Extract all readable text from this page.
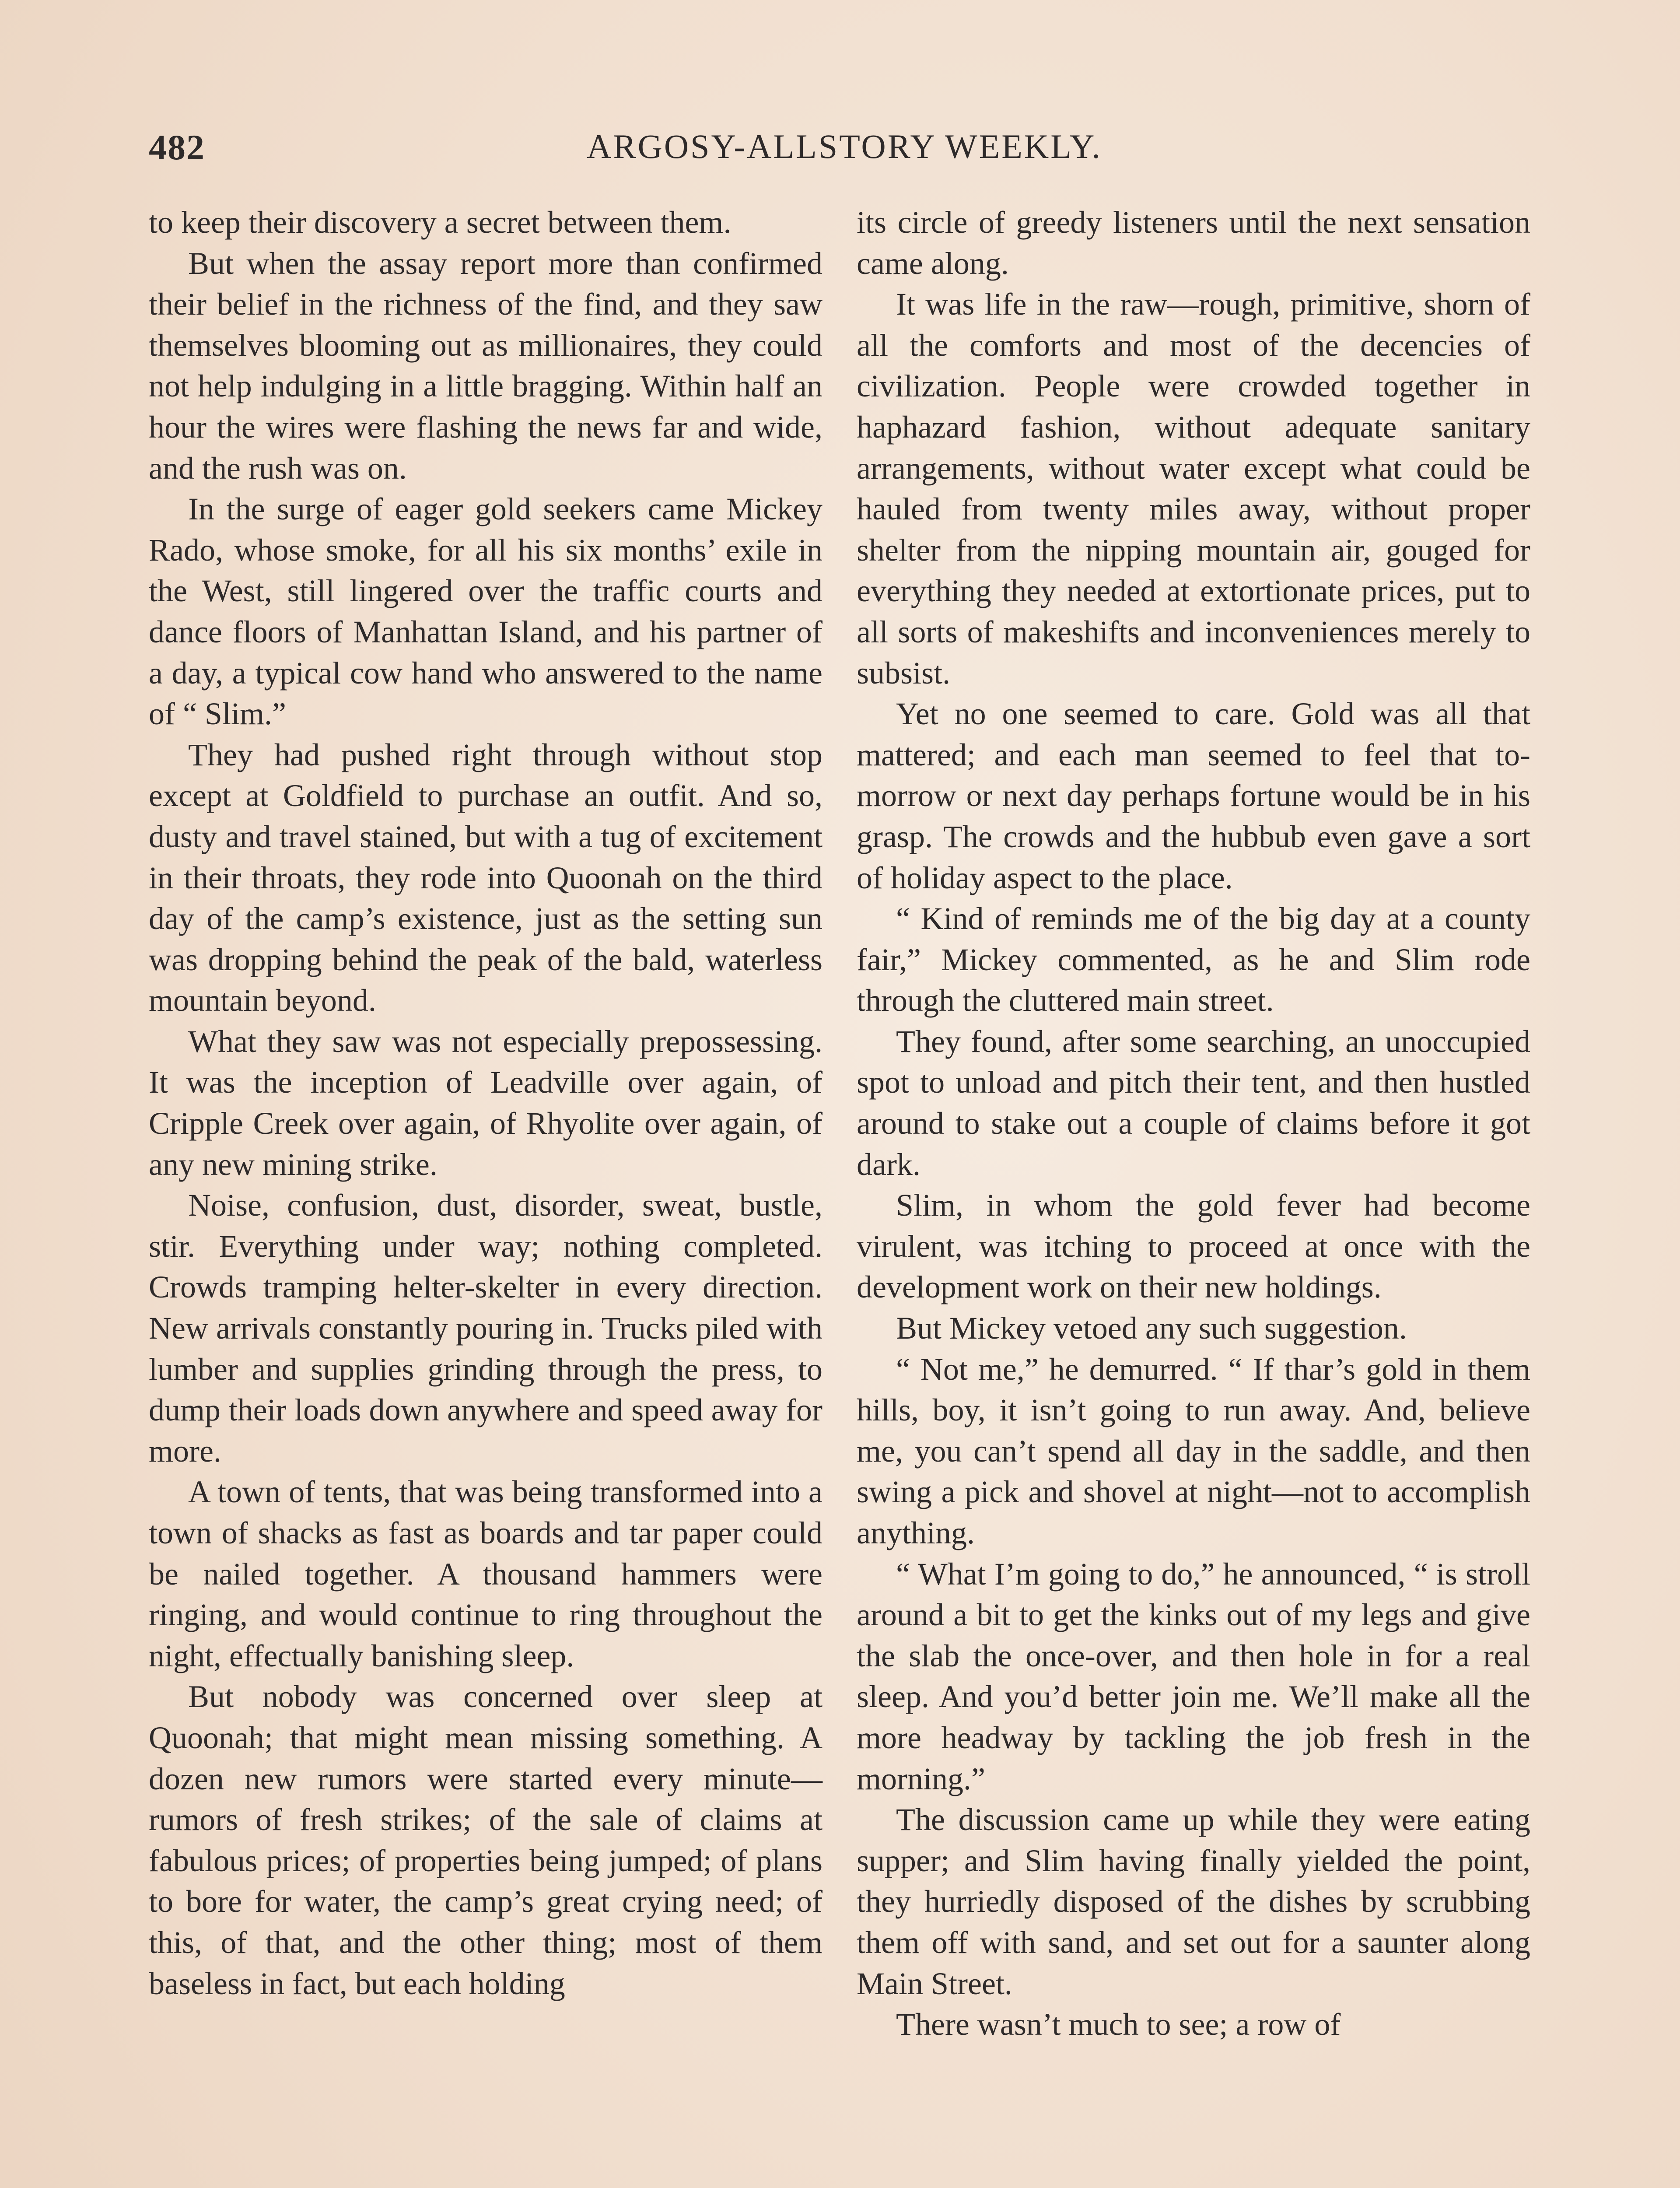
482	ARGOSY-ALLSTORY WEEKLY.

to keep their discovery a secret between them.

But when the assay report more than confirmed their belief in the richness of the find, and they saw themselves blooming out as millionaires, they could not help indulging in a little bragging. Within half an hour the wires were flashing the news far and wide, and the rush was on.

In the surge of eager gold seekers came Mickey Rado, whose smoke, for all his six months’ exile in the West, still lingered over the traffic courts and dance floors of Manhattan Island, and his partner of a day, a typical cow hand who answered to the name of “ Slim.”

They had pushed right through without stop except at Goldfield to purchase an outfit. And so, dusty and travel stained, but with a tug of excitement in their throats, they rode into Quoonah on the third day of the camp’s existence, just as the setting sun was dropping behind the peak of the bald, waterless mountain beyond.

What they saw was not especially prepossessing. It was the inception of Leadville over again, of Cripple Creek over again, of Rhyolite over again, of any new mining strike.

Noise, confusion, dust, disorder, sweat, bustle, stir. Everything under way; nothing completed. Crowds tramping helter-skelter in every direction. New arrivals constantly pouring in. Trucks piled with lumber and supplies grinding through the press, to dump their loads down anywhere and speed away for more.

A town of tents, that was being transformed into a town of shacks as fast as boards and tar paper could be nailed together. A thousand hammers were ringing, and would continue to ring throughout the night, effectually banishing sleep.

But nobody was concerned over sleep at Quoonah; that might mean missing something. A dozen new rumors were started every minute—rumors of fresh strikes; of the sale of claims at fabulous prices; of properties being jumped; of plans to bore for water, the camp’s great crying need; of this, of that, and the other thing; most of them baseless in fact, but each holding

its circle of greedy listeners until the next sensation came along.

It was life in the raw—rough, primitive, shorn of all the comforts and most of the decencies of civilization. People were crowded together in haphazard fashion, without adequate sanitary arrangements, without water except what could be hauled from twenty miles away, without proper shelter from the nipping mountain air, gouged for everything they needed at extortionate prices, put to all sorts of makeshifts and inconveniences merely to subsist.

Yet no one seemed to care. Gold was all that mattered; and each man seemed to feel that to-morrow or next day perhaps fortune would be in his grasp. The crowds and the hubbub even gave a sort of holiday aspect to the place.

“ Kind of reminds me of the big day at a county fair,” Mickey commented, as he and Slim rode through the cluttered main street.

They found, after some searching, an unoccupied spot to unload and pitch their tent, and then hustled around to stake out a couple of claims before it got dark.

Slim, in whom the gold fever had become virulent, was itching to proceed at once with the development work on their new holdings.

But Mickey vetoed any such suggestion.

“ Not me,” he demurred. “ If thar’s gold in them hills, boy, it isn’t going to run away. And, believe me, you can’t spend all day in the saddle, and then swing a pick and shovel at night—not to accomplish anything.

“ What I’m going to do,” he announced, “ is stroll around a bit to get the kinks out of my legs and give the slab the once-over, and then hole in for a real sleep. And you’d better join me. We’ll make all the more headway by tackling the job fresh in the morning.”

The discussion came up while they were eating supper; and Slim having finally yielded the point, they hurriedly disposed of the dishes by scrubbing them off with sand, and set out for a saunter along Main Street.

There wasn’t much to see; a row of
